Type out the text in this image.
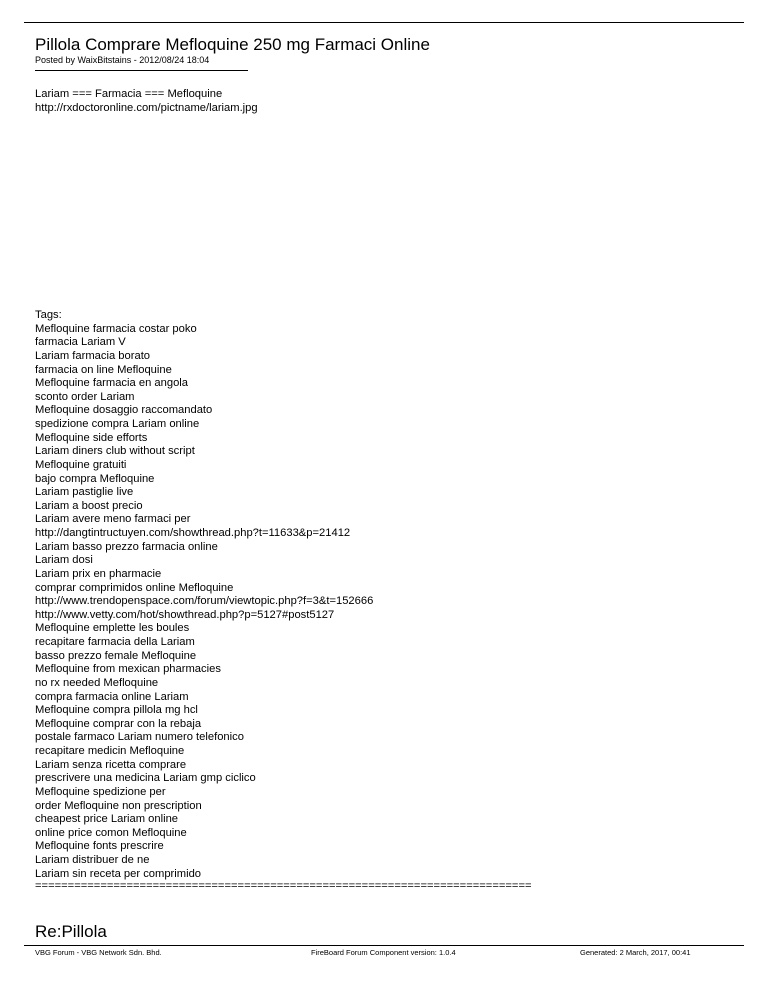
Pillola Comprare Mefloquine 250 mg Farmaci Online
Posted by WaixBitstains - 2012/08/24 18:04
Lariam === Farmacia === Mefloquine
http://rxdoctoronline.com/pictname/lariam.jpg
Tags:
Mefloquine farmacia costar poko
farmacia Lariam V
Lariam farmacia borato
farmacia on line Mefloquine
Mefloquine farmacia en angola
sconto order Lariam
Mefloquine dosaggio raccomandato
spedizione compra Lariam online
Mefloquine side efforts
Lariam diners club without script
Mefloquine gratuiti
bajo compra Mefloquine
Lariam pastiglie live
Lariam a boost precio
Lariam avere meno farmaci per
http://dangtintructuyen.com/showthread.php?t=11633&p=21412
Lariam basso prezzo farmacia online
Lariam dosi
Lariam prix en pharmacie
comprar comprimidos online Mefloquine
http://www.trendopenspace.com/forum/viewtopic.php?f=3&t=152666
http://www.vetty.com/hot/showthread.php?p=5127#post5127
Mefloquine emplette les boules
recapitare farmacia della Lariam
basso prezzo female Mefloquine
Mefloquine from mexican pharmacies
no rx needed Mefloquine
compra farmacia online Lariam
Mefloquine compra pillola mg hcl
Mefloquine comprar con la rebaja
postale farmaco Lariam numero telefonico
recapitare medicin Mefloquine
Lariam senza ricetta comprare
prescrivere una medicina Lariam gmp ciclico
Mefloquine spedizione per
order Mefloquine non prescription
cheapest price Lariam online
online price comon Mefloquine
Mefloquine fonts prescrire
Lariam distribuer de ne
Lariam sin receta per comprimido
============================================================================
Re:Pillola
VBG Forum - VBG Network Sdn. Bhd.	FireBoard Forum Component version: 1.0.4	Generated: 2 March, 2017, 00:41
